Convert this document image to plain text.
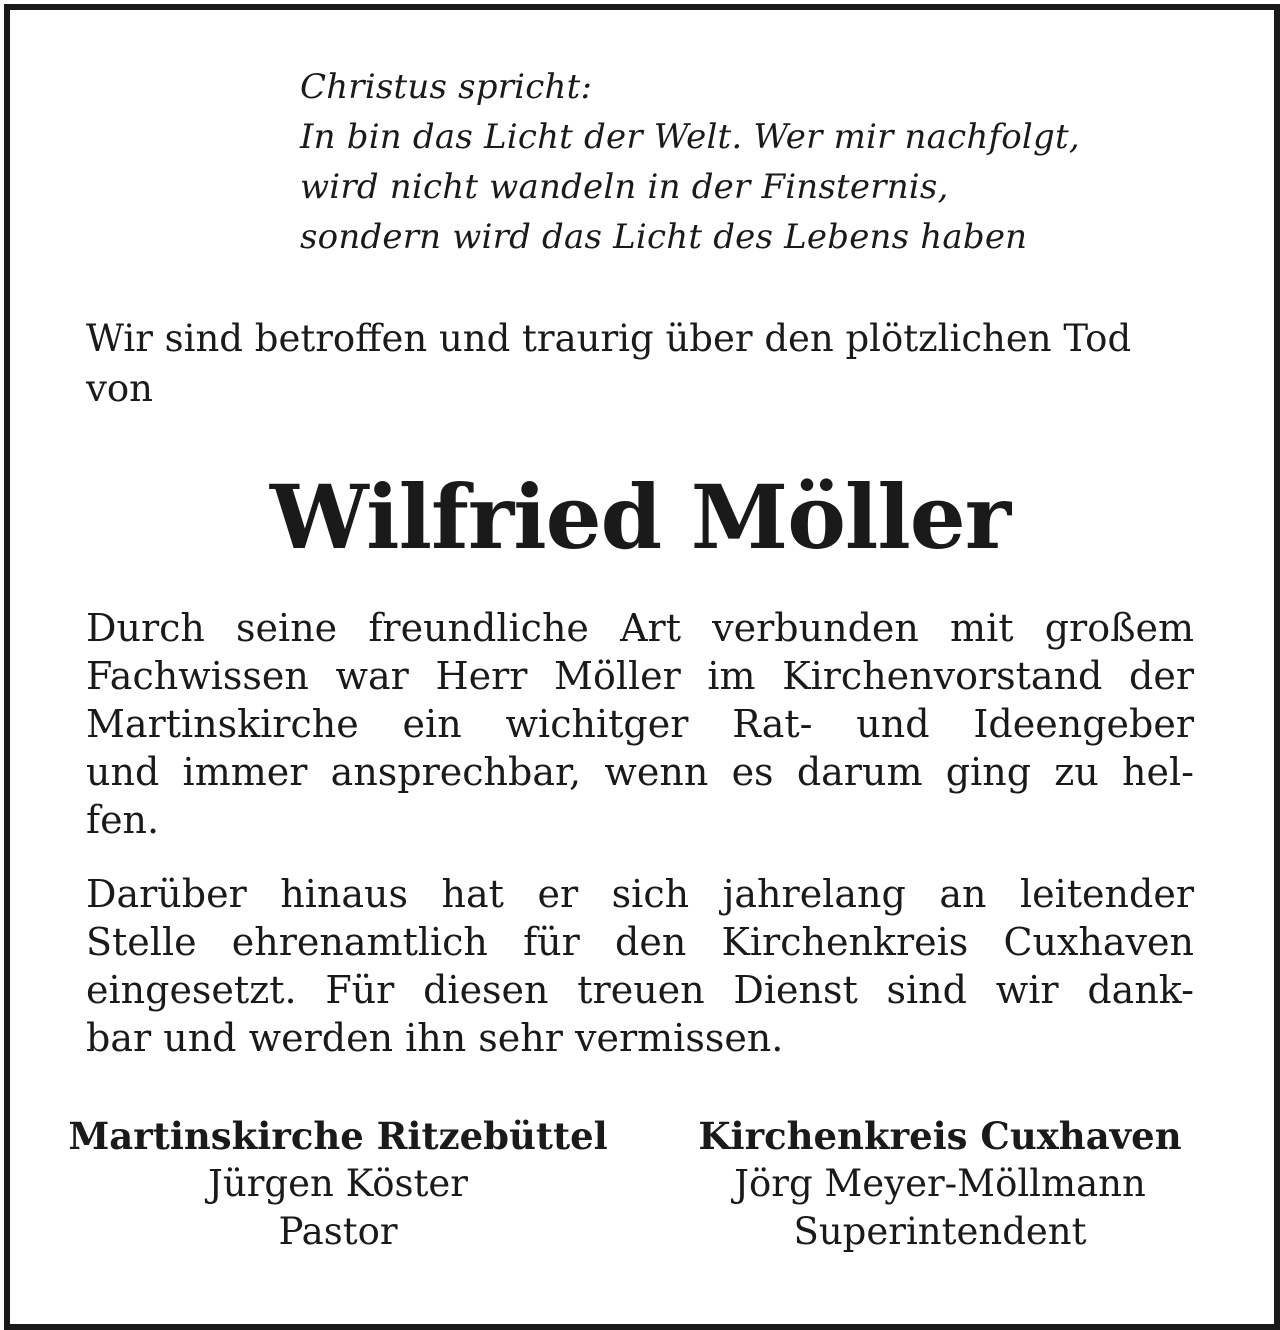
Christus spricht:
In bin das Licht der Welt. Wer mir nachfolgt,
wird nicht wandeln in der Finsternis,
sondern wird das Licht des Lebens haben
Wir sind betroffen und traurig über den plötzlichen Tod
von
Wilfried Möller
Durch seine freundliche Art verbunden mit großem
Fachwissen war Herr Möller im Kirchenvorstand der
Martinskirche ein wichitger Rat- und Ideengeber
und immer ansprechbar, wenn es darum ging zu hel-
fen.
Darüber hinaus hat er sich jahrelang an leitender
Stelle ehrenamtlich für den Kirchenkreis Cuxhaven
eingesetzt. Für diesen treuen Dienst sind wir dank-
bar und werden ihn sehr vermissen.
Martinskirche Ritzebüttel
Jürgen Köster
Pastor
Kirchenkreis Cuxhaven
Jörg Meyer-Möllmann
Superintendent
